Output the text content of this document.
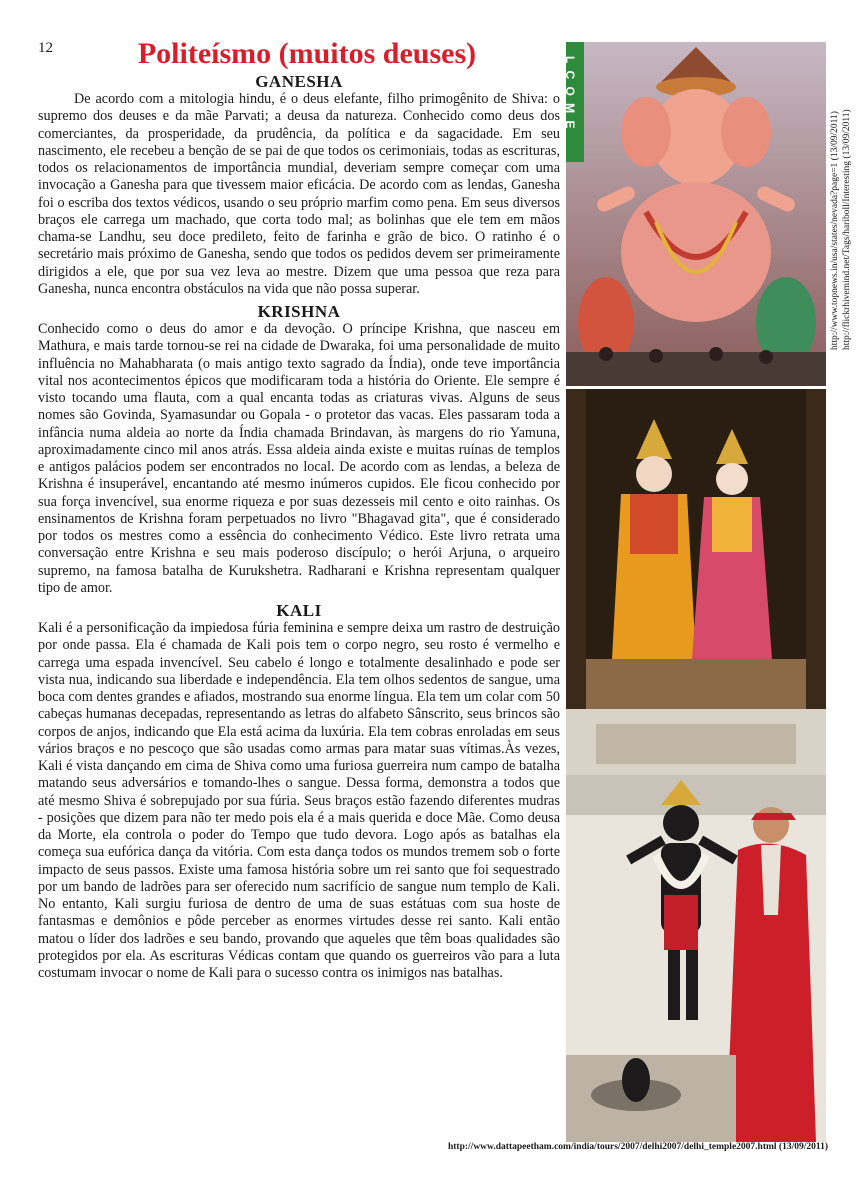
12	Politeísmo (muitos deuses)
GANESHA

De acordo com a mitologia hindu, é o deus elefante, filho primogênito de Shiva: o supremo dos deuses e da mãe Parvati; a deusa da natureza. Conhecido como deus dos comerciantes, da prosperidade, da prudência, da política e da sagacidade. Em seu nascimento, ele recebeu a benção de se pai de que todos os cerimoniais, todas as escrituras, todos os relacionamentos de importância mundial, deveriam sempre começar com uma invocação a Ganesha para que tivessem maior eficácia. De acordo com as lendas, Ganesha foi o escriba dos textos védicos, usando o seu próprio marfim como pena. Em seus diversos braços ele carrega um machado, que corta todo mal; as bolinhas que ele tem em mãos chama-se Landhu, seu doce predileto, feito de farinha e grão de bico. O ratinho é o secretário mais próximo de Ganesha, sendo que todos os pedidos devem ser primeiramente dirigidos a ele, que por sua vez leva ao mestre. Dizem que uma pessoa que reza para Ganesha, nunca encontra obstáculos na vida que não possa superar.

KRISHNA

Conhecido como o deus do amor e da devoção. O príncipe Krishna, que nasceu em Mathura, e mais tarde tornou-se rei na cidade de Dwaraka, foi uma personalidade de muito influência no Mahabharata (o mais antigo texto sagrado da Índia), onde teve importância vital nos acontecimentos épicos que modificaram toda a história do Oriente. Ele sempre é visto tocando uma flauta, com a qual encanta todas as criaturas vivas. Alguns de seus nomes são Govinda, Syamasundar ou Gopala - o protetor das vacas. Eles passaram toda a infância numa aldeia ao norte da Índia chamada Brindavan, às margens do rio Yamuna, aproximadamente cinco mil anos atrás. Essa aldeia ainda existe e muitas ruínas de templos e antigos palácios podem ser encontrados no local. De acordo com as lendas, a beleza de Krishna é insuperável, encantando até mesmo inúmeros cupidos. Ele ficou conhecido por sua força invencível, sua enorme riqueza e por suas dezesseis mil cento e oito rainhas. Os ensinamentos de Krishna foram perpetuados no livro "Bhagavad gita", que é considerado por todos os mestres como a essência do conhecimento Védico. Este livro retrata uma conversação entre Krishna e seu mais poderoso discípulo; o herói Arjuna, o arqueiro supremo, na famosa batalha de Kurukshetra. Radharani e Krishna representam qualquer tipo de amor.

KALI

Kali é a personificação da impiedosa fúria feminina e sempre deixa um rastro de destruição por onde passa. Ela é chamada de Kali pois tem o corpo negro, seu rosto é vermelho e carrega uma espada invencível. Seu cabelo é longo e totalmente desalinhado e pode ser vista nua, indicando sua liberdade e independência. Ela tem olhos sedentos de sangue, uma boca com dentes grandes e afiados, mostrando sua enorme língua. Ela tem um colar com 50 cabeças humanas decepadas, representando as letras do alfabeto Sânscrito, seus brincos são corpos de anjos, indicando que Ela está acima da luxúria. Ela tem cobras enroladas em seus vários braços e no pescoço que são usadas como armas para matar suas vítimas.Às vezes, Kali é vista dançando em cima de Shiva como uma furiosa guerreira num campo de batalha matando seus adversários e tomando-lhes o sangue. Dessa forma, demonstra a todos que até mesmo Shiva é sobrepujado por sua fúria. Seus braços estão fazendo diferentes mudras - posições que dizem para não ter medo pois ela é a mais querida e doce Mãe. Como deusa da Morte, ela controla o poder do Tempo que tudo devora. Logo após as batalhas ela começa sua eufórica dança da vitória. Com esta dança todos os mundos tremem sob o forte impacto de seus passos. Existe uma famosa história sobre um rei santo que foi sequestrado por um bando de ladrões para ser oferecido num sacrifício de sangue num templo de Kali. No entanto, Kali surgiu furiosa de dentro de uma de suas estátuas com sua hoste de fantasmas e demônios e pôde perceber as enormes virtudes desse rei santo. Kali então matou o líder dos ladrões e seu bando, provando que aqueles que têm boas qualidades são protegidos por ela. As escrituras Védicas contam que quando os guerreiros vão para a luta costumam invocar o nome de Kali para o sucesso contra os inimigos nas batalhas.

L C O M E
http://www.topnews.in/usa/states/nevada?page=1 (13/09/2011) http://flickrhivemind.net/Tags/hariboll/Interesting (13/09/2011)
http://www.dattapeetham.com/india/tours/2007/delhi2007/delhi_temple2007.html (13/09/2011)
